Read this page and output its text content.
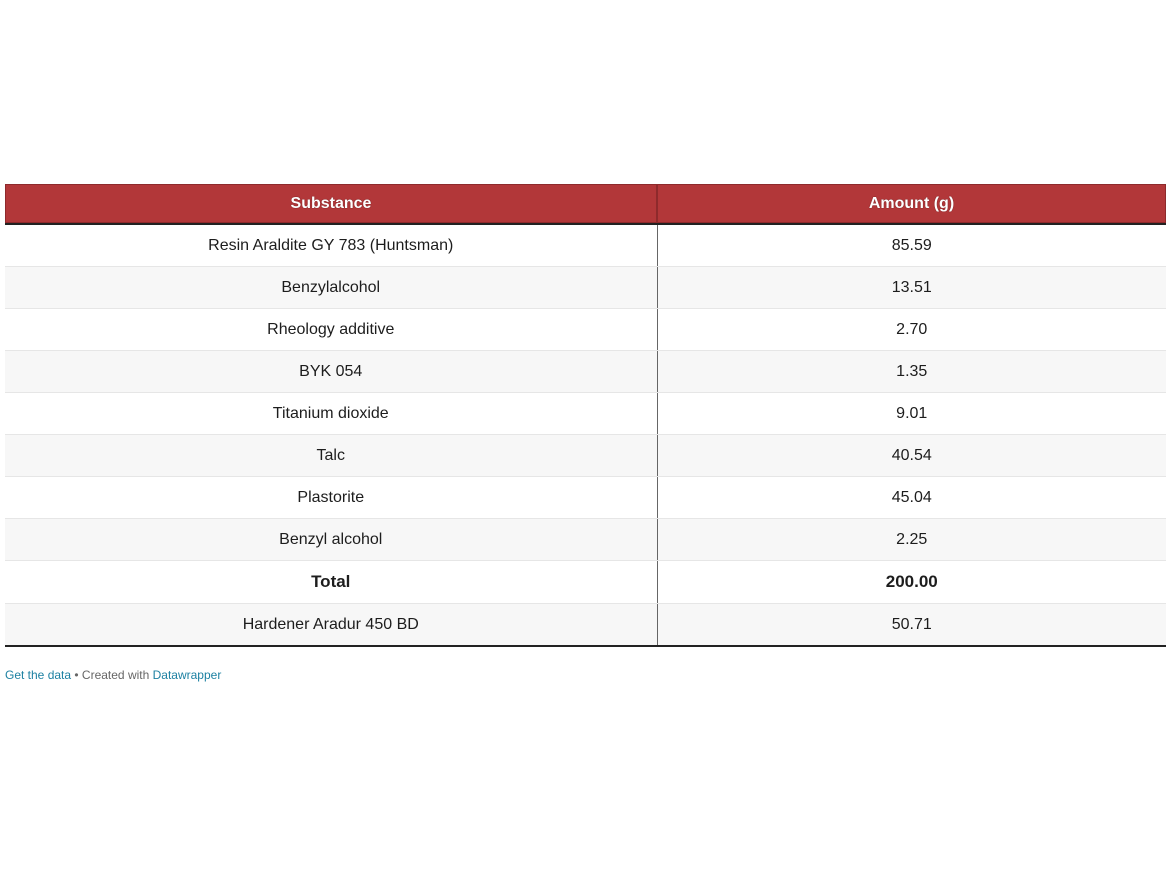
Substance	Amount (g)
Resin Araldite GY 783 (Huntsman)	85.59
Benzylalcohol	13.51
Rheology additive	2.70
BYK 054	1.35
Titanium dioxide	9.01
Talc	40.54
Plastorite	45.04
Benzyl alcohol	2.25
Total	200.00
Hardener Aradur 450 BD	50.71
Get the data • Created with Datawrapper
